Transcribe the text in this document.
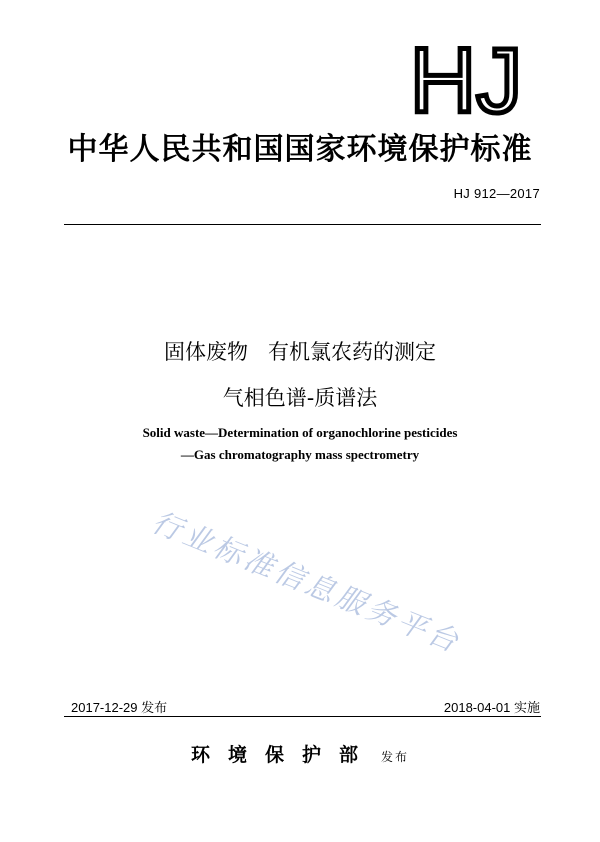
HJ
中华人民共和国国家环境保护标准
HJ 912—2017
固体废物   有机氯农药的测定
气相色谱-质谱法
Solid waste—Determination of organochlorine pesticides
—Gas chromatography mass spectrometry
行业标准信息服务平台
2017-12-29 发布	2018-04-01 实施
环境保护部 发布
